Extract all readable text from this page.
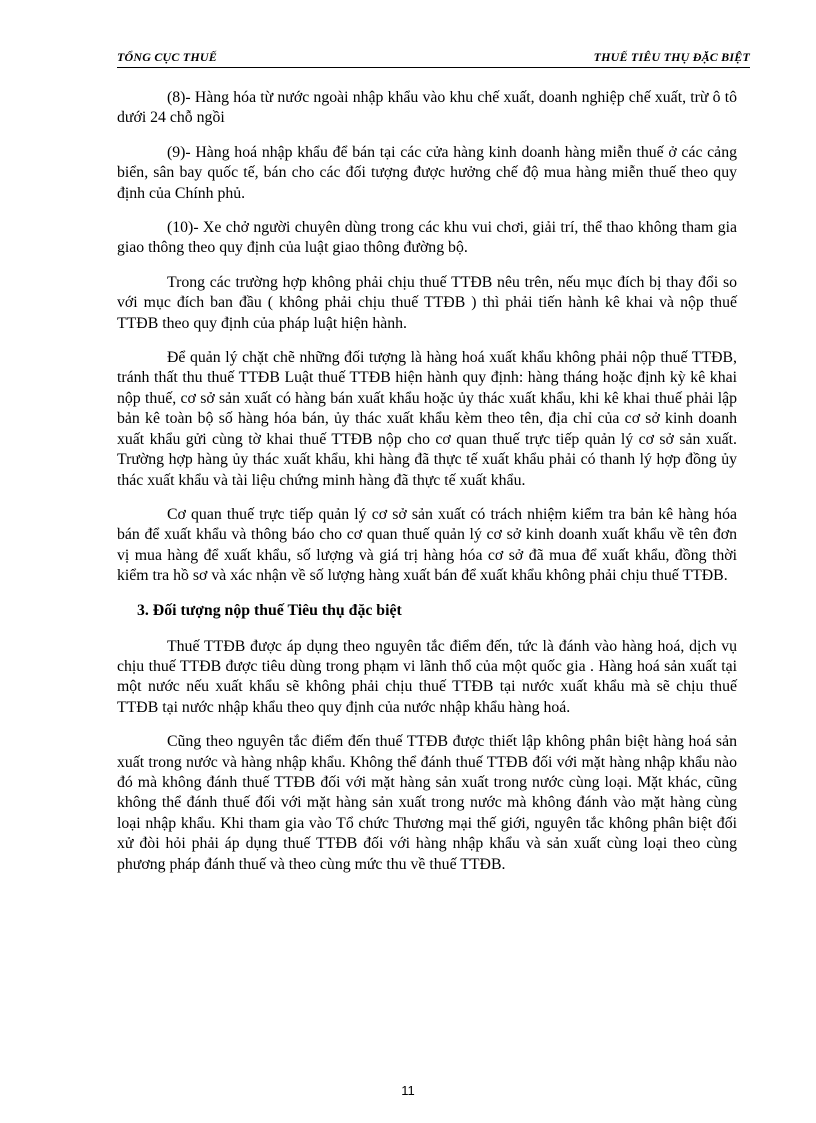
TỔNG CỤC THUẾ	THUẾ TIÊU THỤ ĐẶC BIỆT

(8)- Hàng hóa từ nước ngoài nhập khẩu vào khu chế xuất, doanh nghiệp chế xuất, trừ ô tô dưới 24 chỗ ngồi

(9)- Hàng hoá nhập khẩu để bán tại các cửa hàng kinh doanh hàng miễn thuế ở các cảng biển, sân bay quốc tế, bán cho các đối tượng được hưởng chế độ mua hàng miễn thuế theo quy định của Chính phủ.

(10)- Xe chở người chuyên dùng trong các khu vui chơi, giải trí, thể thao không tham gia giao thông theo quy định của luật giao thông đường bộ.

Trong các trường hợp không phải chịu thuế TTĐB nêu trên, nếu mục đích bị thay đổi so với mục đích ban đầu ( không phải chịu thuế TTĐB ) thì phải tiến hành kê khai và nộp thuế TTĐB theo quy định của pháp luật hiện hành.

Để quản lý chặt chẽ những đối tượng là hàng hoá xuất khẩu không phải nộp thuế TTĐB, tránh thất thu thuế TTĐB Luật thuế TTĐB hiện hành quy định: hàng tháng hoặc định kỳ kê khai nộp thuế, cơ sở sản xuất có hàng bán xuất khẩu hoặc ủy thác xuất khẩu, khi kê khai thuế phải lập bản kê toàn bộ số hàng hóa bán, ủy thác xuất khẩu kèm theo tên, địa chỉ của cơ sở kinh doanh xuất khẩu gửi cùng tờ khai thuế TTĐB nộp cho cơ quan thuế trực tiếp quản lý cơ sở sản xuất. Trường hợp hàng ủy thác xuất khẩu, khi hàng đã thực tế xuất khẩu phải có thanh lý hợp đồng ủy thác xuất khẩu và tài liệu chứng minh hàng đã thực tế xuất khẩu.

Cơ quan thuế trực tiếp quản lý cơ sở sản xuất có trách nhiệm kiểm tra bản kê hàng hóa bán để xuất khẩu và thông báo cho cơ quan thuế quản lý cơ sở kinh doanh xuất khẩu về tên đơn vị mua hàng để xuất khẩu, số lượng và giá trị hàng hóa cơ sở đã mua để xuất khẩu, đồng thời kiểm tra hồ sơ và xác nhận về số lượng hàng xuất bán để xuất khẩu không phải chịu thuế TTĐB.

3. Đối tượng nộp thuế Tiêu thụ đặc biệt

Thuế TTĐB được áp dụng theo nguyên tắc điểm đến, tức là đánh vào hàng hoá, dịch vụ chịu thuế TTĐB được tiêu dùng trong phạm vi lãnh thổ của một quốc gia . Hàng hoá sản xuất tại một nước nếu xuất khẩu sẽ không phải chịu thuế TTĐB tại nước xuất khẩu mà sẽ chịu thuế TTĐB tại nước nhập khẩu theo quy định của nước nhập khẩu hàng hoá.

Cũng theo nguyên tắc điểm đến thuế TTĐB được thiết lập không phân biệt hàng hoá sản xuất trong nước và hàng nhập khẩu. Không thể đánh thuế TTĐB đối với mặt hàng nhập khẩu nào đó mà không đánh thuế TTĐB đối với mặt hàng sản xuất trong nước cùng loại. Mặt khác, cũng không thể đánh thuế đối với mặt hàng sản xuất trong nước mà không đánh vào mặt hàng cùng loại nhập khẩu. Khi tham gia vào Tổ chức Thương mại thế giới, nguyên tắc không phân biệt đối xử đòi hỏi phải áp dụng thuế TTĐB đối với hàng nhập khẩu và sản xuất cùng loại theo cùng phương pháp đánh thuế và theo cùng mức thu về thuế TTĐB.

11
